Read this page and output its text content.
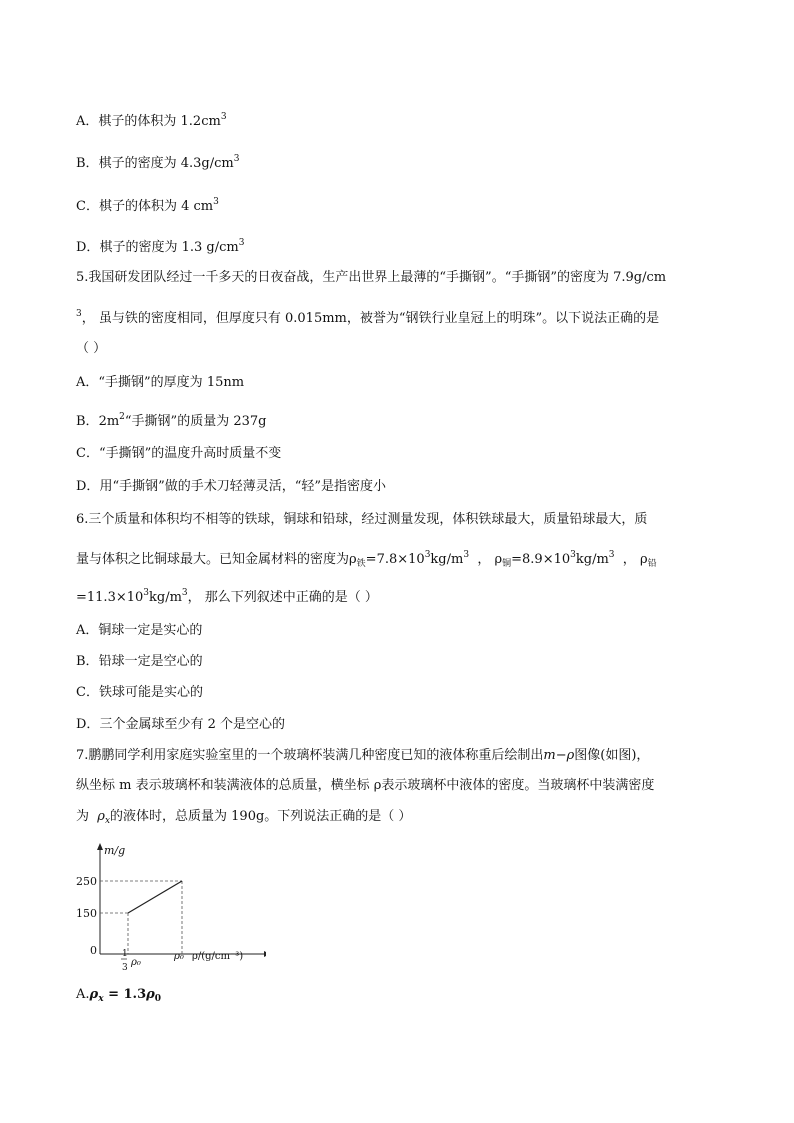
A．棋子的体积为 $1.2cm^3$
B．棋子的密度为 $4.3g/cm^3$
C．棋子的体积为 4 $cm^3$
D．棋子的密度为 1.3 $g/cm^3$
5.我国研发团队经过一千多天的日夜奋战，生产出世界上最薄的“手撕钢”。“手撕钢”的密度为 7.9g/cm
$^3$， 虽与铁的密度相同，但厚度只有 0.015mm，被誉为“钢铁行业皇冠上的明珠”。以下说法正确的是
（ ）
A．“手撕钢”的厚度为 15nm
B．$2m^2“$手撕钢”的质量为 237g
C．“手撕钢”的温度升高时质量不变
D．用“手撕钢”做的手术刀轻薄灵活，“轻”是指密度小
6.三个质量和体积均不相等的铁球，铜球和铅球，经过测量发现，体积铁球最大，质量铅球最大，质
量与体积之比铜球最大。已知金属材料的密度为$\rho_铁=7.8\times 10^3kg/m^3$  ， $\rho_铜=8.9\times 10^3kg/m^3$  ， $\rho_铅$
$=11.3\times 10^3kg/m^3$， 那么下列叙述中正确的是（ ）
A．铜球一定是实心的
B．铅球一定是空心的
C．铁球可能是实心的
D．三个金属球至少有 2 个是空心的
7.鹏鹏同学利用家庭实验室里的一个玻璃杯装满几种密度已知的液体称重后绘制出m−ρ图像(如图)，
纵坐标 m 表示玻璃杯和装满液体的总质量，横坐标 ρ表示玻璃杯中液体的密度。当玻璃杯中装满密度
为 $\rho_x$的液体时，总质量为 190g。下列说法正确的是（ ）
m/g
250
150
0	1
3 ρ₀
ρ₀ ρ/(g/cm⁻³)
$A.\rho_x = 1.3\rho_0$
